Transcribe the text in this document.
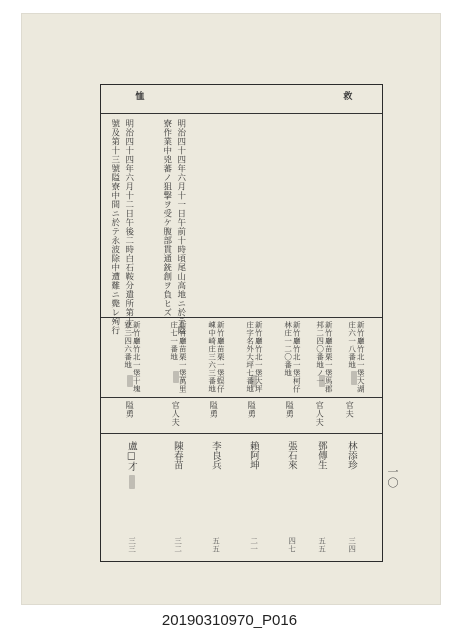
救
恤
明治四十四年六月十一日午前十時頃尾山高地ニ於テ隘
寮作業中兇蕃ノ狙撃ヲ受ケ腹部貫通銃創ヲ負ヒズ
明治四十四年六月十二日午後二時白石鞍分遣所第十二
號及第十三號隘寮中間ニ於テ永波除中遭難ニ斃レ殉行
新竹廳竹北一堡大湖庄六一八番地
官夫
林添珍
三四
新竹廳苗栗一堡馬郡邦二四〇番地ノ一
官人夫
鄧傳生
五五
新竹廳竹北一堡柯仔林庄一二〇番地
隘勇
張石來
四七
新竹廳竹北一堡大坪庄字名外大坪七番地
隘勇
賴阿坤
二一
新竹廳苗栗一堡蜈仔崠中崎庄三六三番地
隘勇
李良兵
五五
新竹廳苗栗一堡萬里庄七一番地
官人夫
陳春苗
三二
新竹廳竹北一堡十塊寮二四六番地
隘勇
盧□才
三三
一〇
20190310970_P016
